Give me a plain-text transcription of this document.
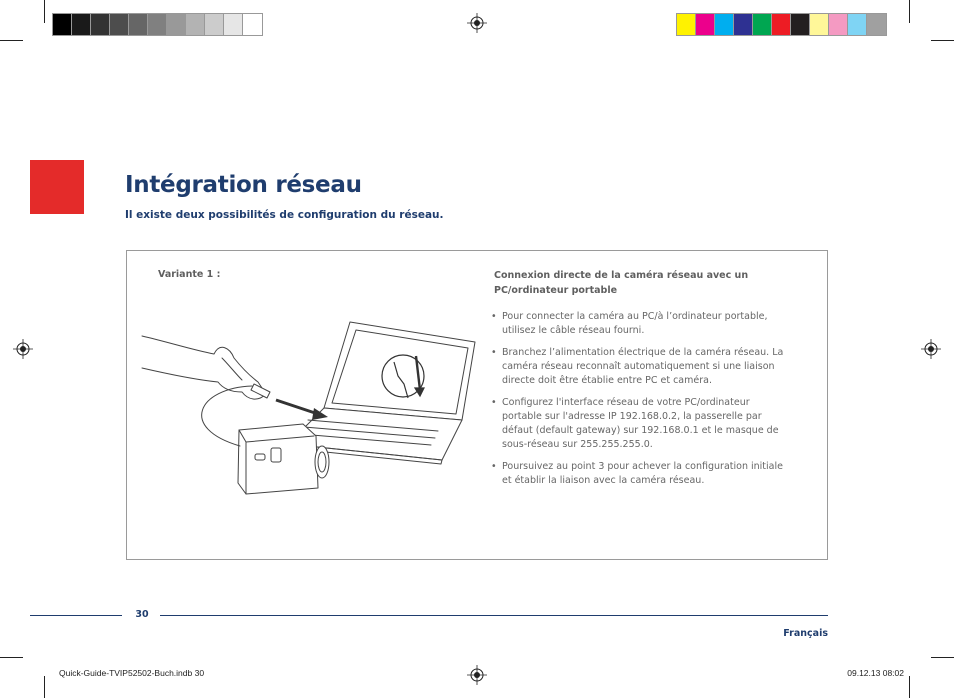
Intégration réseau

Il existe deux possibilités de configuration du réseau.

Variante 1 :	Connexion directe de la caméra réseau avec un PC/ordinateur portable
• Pour connecter la caméra au PC/à l’ordinateur portable, utilisez le câble réseau fourni.
• Branchez l’alimentation électrique de la caméra réseau. La caméra réseau reconnaît automatiquement si une liaison directe doit être établie entre PC et caméra.
• Configurez l'interface réseau de votre PC/ordinateur portable sur l'adresse IP 192.168.0.2, la passerelle par défaut (default gateway) sur 192.168.0.1 et le masque de sous-réseau sur 255.255.255.0.
• Poursuivez au point 3 pour achever la configuration initiale et établir la liaison avec la caméra réseau.
30
Français
Quick-Guide-TVIP52502-Buch.indb 30	09.12.13 08:02
